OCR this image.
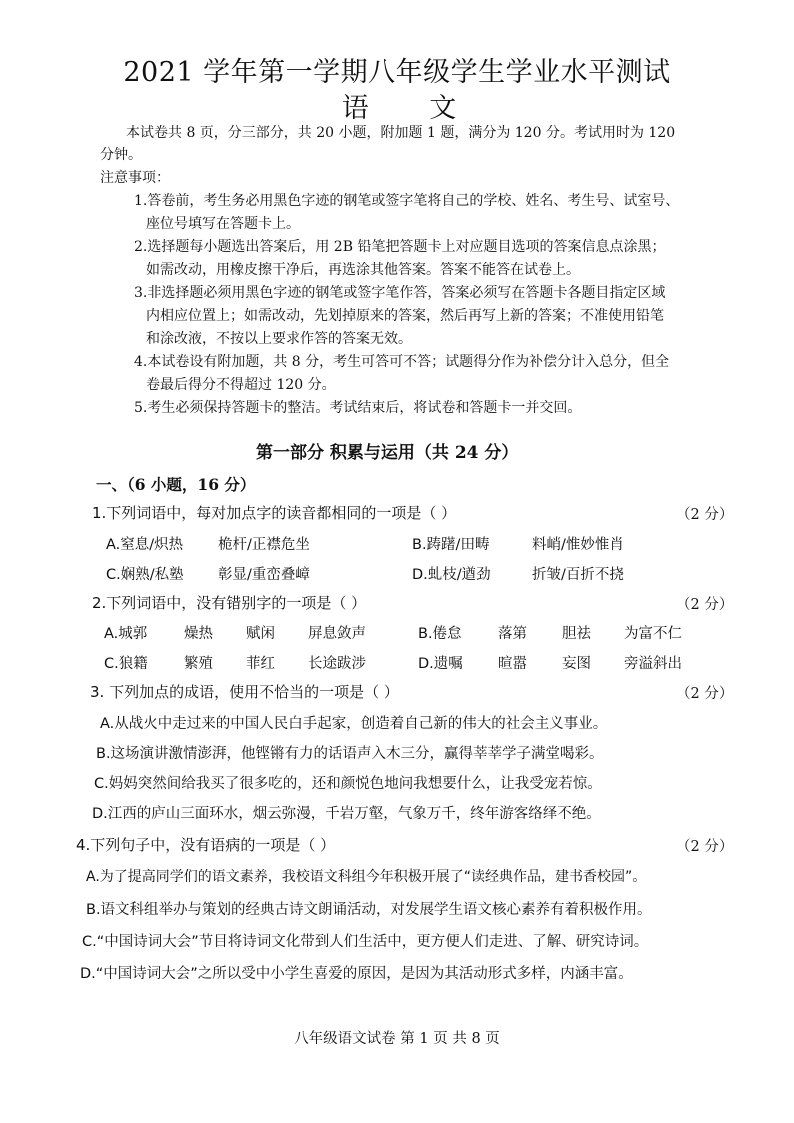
2021 学年第一学期八年级学生学业水平测试
语 文
本试卷共 8 页，分三部分，共 20 小题，附加题 1 题，满分为 120 分。考试用时为 120
分钟。
注意事项：
1.答卷前，考生务必用黑色字迹的钢笔或签字笔将自己的学校、姓名、考生号、试室号、
座位号填写在答题卡上。
2.选择题每小题选出答案后，用 2B 铅笔把答题卡上对应题目选项的答案信息点涂黑；
如需改动，用橡皮擦干净后，再选涂其他答案。答案不能答在试卷上。
3.非选择题必须用黑色字迹的钢笔或签字笔作答，答案必须写在答题卡各题目指定区域
内相应位置上；如需改动，先划掉原来的答案，然后再写上新的答案；不准使用铅笔
和涂改液，不按以上要求作答的答案无效。
4.本试卷设有附加题，共 8 分，考生可答可不答；试题得分作为补偿分计入总分，但全
卷最后得分不得超过 120 分。
5.考生必须保持答题卡的整洁。考试结束后，将试卷和答题卡一并交回。
第一部分 积累与运用（共 24 分）
一、（6 小题，16 分）
1.下列词语中，每对加点字的读音都相同的一项是（ ）	（2 分）
A.窒息/炽热 桅杆/正襟危坐	B.踌躇/田畴	料峭/惟妙惟肖
C.娴熟/私塾 彰显/重峦叠嶂	D.虬枝/遒劲	折皱/百折不挠
2.下列词语中，没有错别字的一项是（ ）	（2 分）
A.城郭	燥热 赋闲 屏息敛声	B.倦怠	落第 胆祛 为富不仁
C.狼籍	繁殖 菲红 长途跋涉	D.遗嘱 暄嚣 妄图 旁溢斜出
3. 下列加点的成语，使用不恰当的一项是（ ）	（2 分）
A.从战火中走过来的中国人民白手起家，创造着自己新的伟大的社会主义事业。
B.这场演讲激情澎湃，他铿锵有力的话语声入木三分，赢得莘莘学子满堂喝彩。
C.妈妈突然间给我买了很多吃的，还和颜悦色地问我想要什么，让我受宠若惊。
D.江西的庐山三面环水，烟云弥漫，千岩万壑，气象万千，终年游客络绎不绝。
4.下列句子中，没有语病的一项是（ ）	（2 分）
A.为了提高同学们的语文素养，我校语文科组今年积极开展了“读经典作品，建书香校园”。
B.语文科组举办与策划的经典古诗文朗诵活动，对发展学生语文核心素养有着积极作用。
C.“中国诗词大会”节目将诗词文化带到人们生活中，更方便人们走进、了解、研究诗词。
D.“中国诗词大会”之所以受中小学生喜爱的原因，是因为其活动形式多样，内涵丰富。
八年级语文试卷 第 1 页 共 8 页
